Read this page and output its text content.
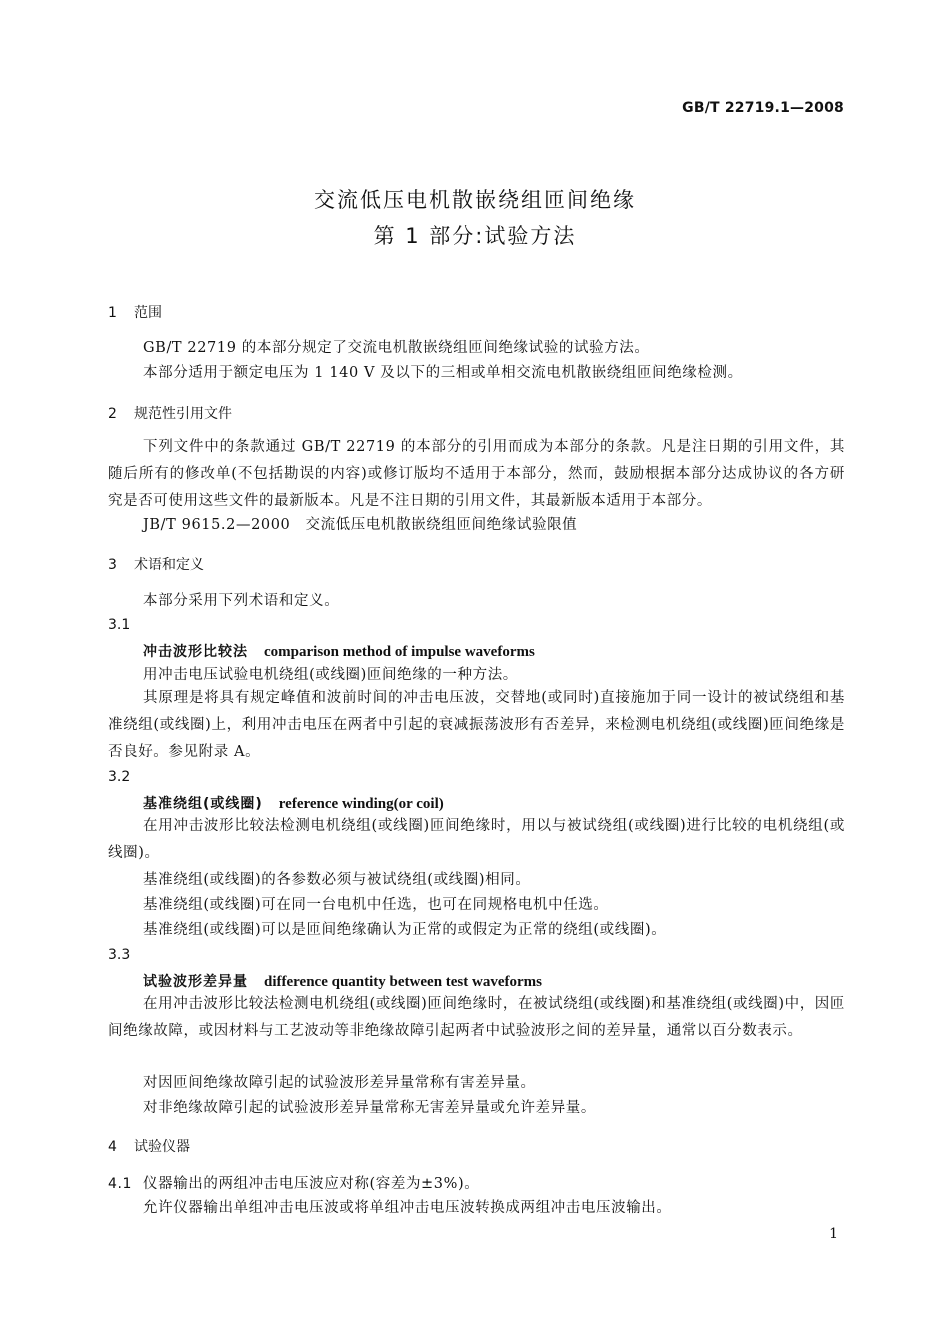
GB/T 22719.1—2008
交流低压电机散嵌绕组匝间绝缘
第 1 部分:试验方法
1 范围
GB/T 22719 的本部分规定了交流电机散嵌绕组匝间绝缘试验的试验方法。
本部分适用于额定电压为 1 140 V 及以下的三相或单相交流电机散嵌绕组匝间绝缘检测。
2 规范性引用文件
下列文件中的条款通过 GB/T 22719 的本部分的引用而成为本部分的条款。凡是注日期的引用文件，其随后所有的修改单(不包括勘误的内容)或修订版均不适用于本部分，然而，鼓励根据本部分达成协议的各方研究是否可使用这些文件的最新版本。凡是不注日期的引用文件，其最新版本适用于本部分。
JB/T 9615.2—2000　交流低压电机散嵌绕组匝间绝缘试验限值
3 术语和定义
本部分采用下列术语和定义。
3.1
冲击波形比较法 comparison method of impulse waveforms
用冲击电压试验电机绕组(或线圈)匝间绝缘的一种方法。
其原理是将具有规定峰值和波前时间的冲击电压波，交替地(或同时)直接施加于同一设计的被试绕组和基准绕组(或线圈)上，利用冲击电压在两者中引起的衰减振荡波形有否差异，来检测电机绕组(或线圈)匝间绝缘是否良好。参见附录 A。
3.2
基准绕组(或线圈) reference winding(or coil)
在用冲击波形比较法检测电机绕组(或线圈)匝间绝缘时，用以与被试绕组(或线圈)进行比较的电机绕组(或线圈)。
基准绕组(或线圈)的各参数必须与被试绕组(或线圈)相同。
基准绕组(或线圈)可在同一台电机中任选，也可在同规格电机中任选。
基准绕组(或线圈)可以是匝间绝缘确认为正常的或假定为正常的绕组(或线圈)。
3.3
试验波形差异量 difference quantity between test waveforms
在用冲击波形比较法检测电机绕组(或线圈)匝间绝缘时，在被试绕组(或线圈)和基准绕组(或线圈)中，因匝间绝缘故障，或因材料与工艺波动等非绝缘故障引起两者中试验波形之间的差异量，通常以百分数表示。
对因匝间绝缘故障引起的试验波形差异量常称有害差异量。
对非绝缘故障引起的试验波形差异量常称无害差异量或允许差异量。
4 试验仪器
4.1 仪器输出的两组冲击电压波应对称(容差为±3%)。
允许仪器输出单组冲击电压波或将单组冲击电压波转换成两组冲击电压波输出。
1
